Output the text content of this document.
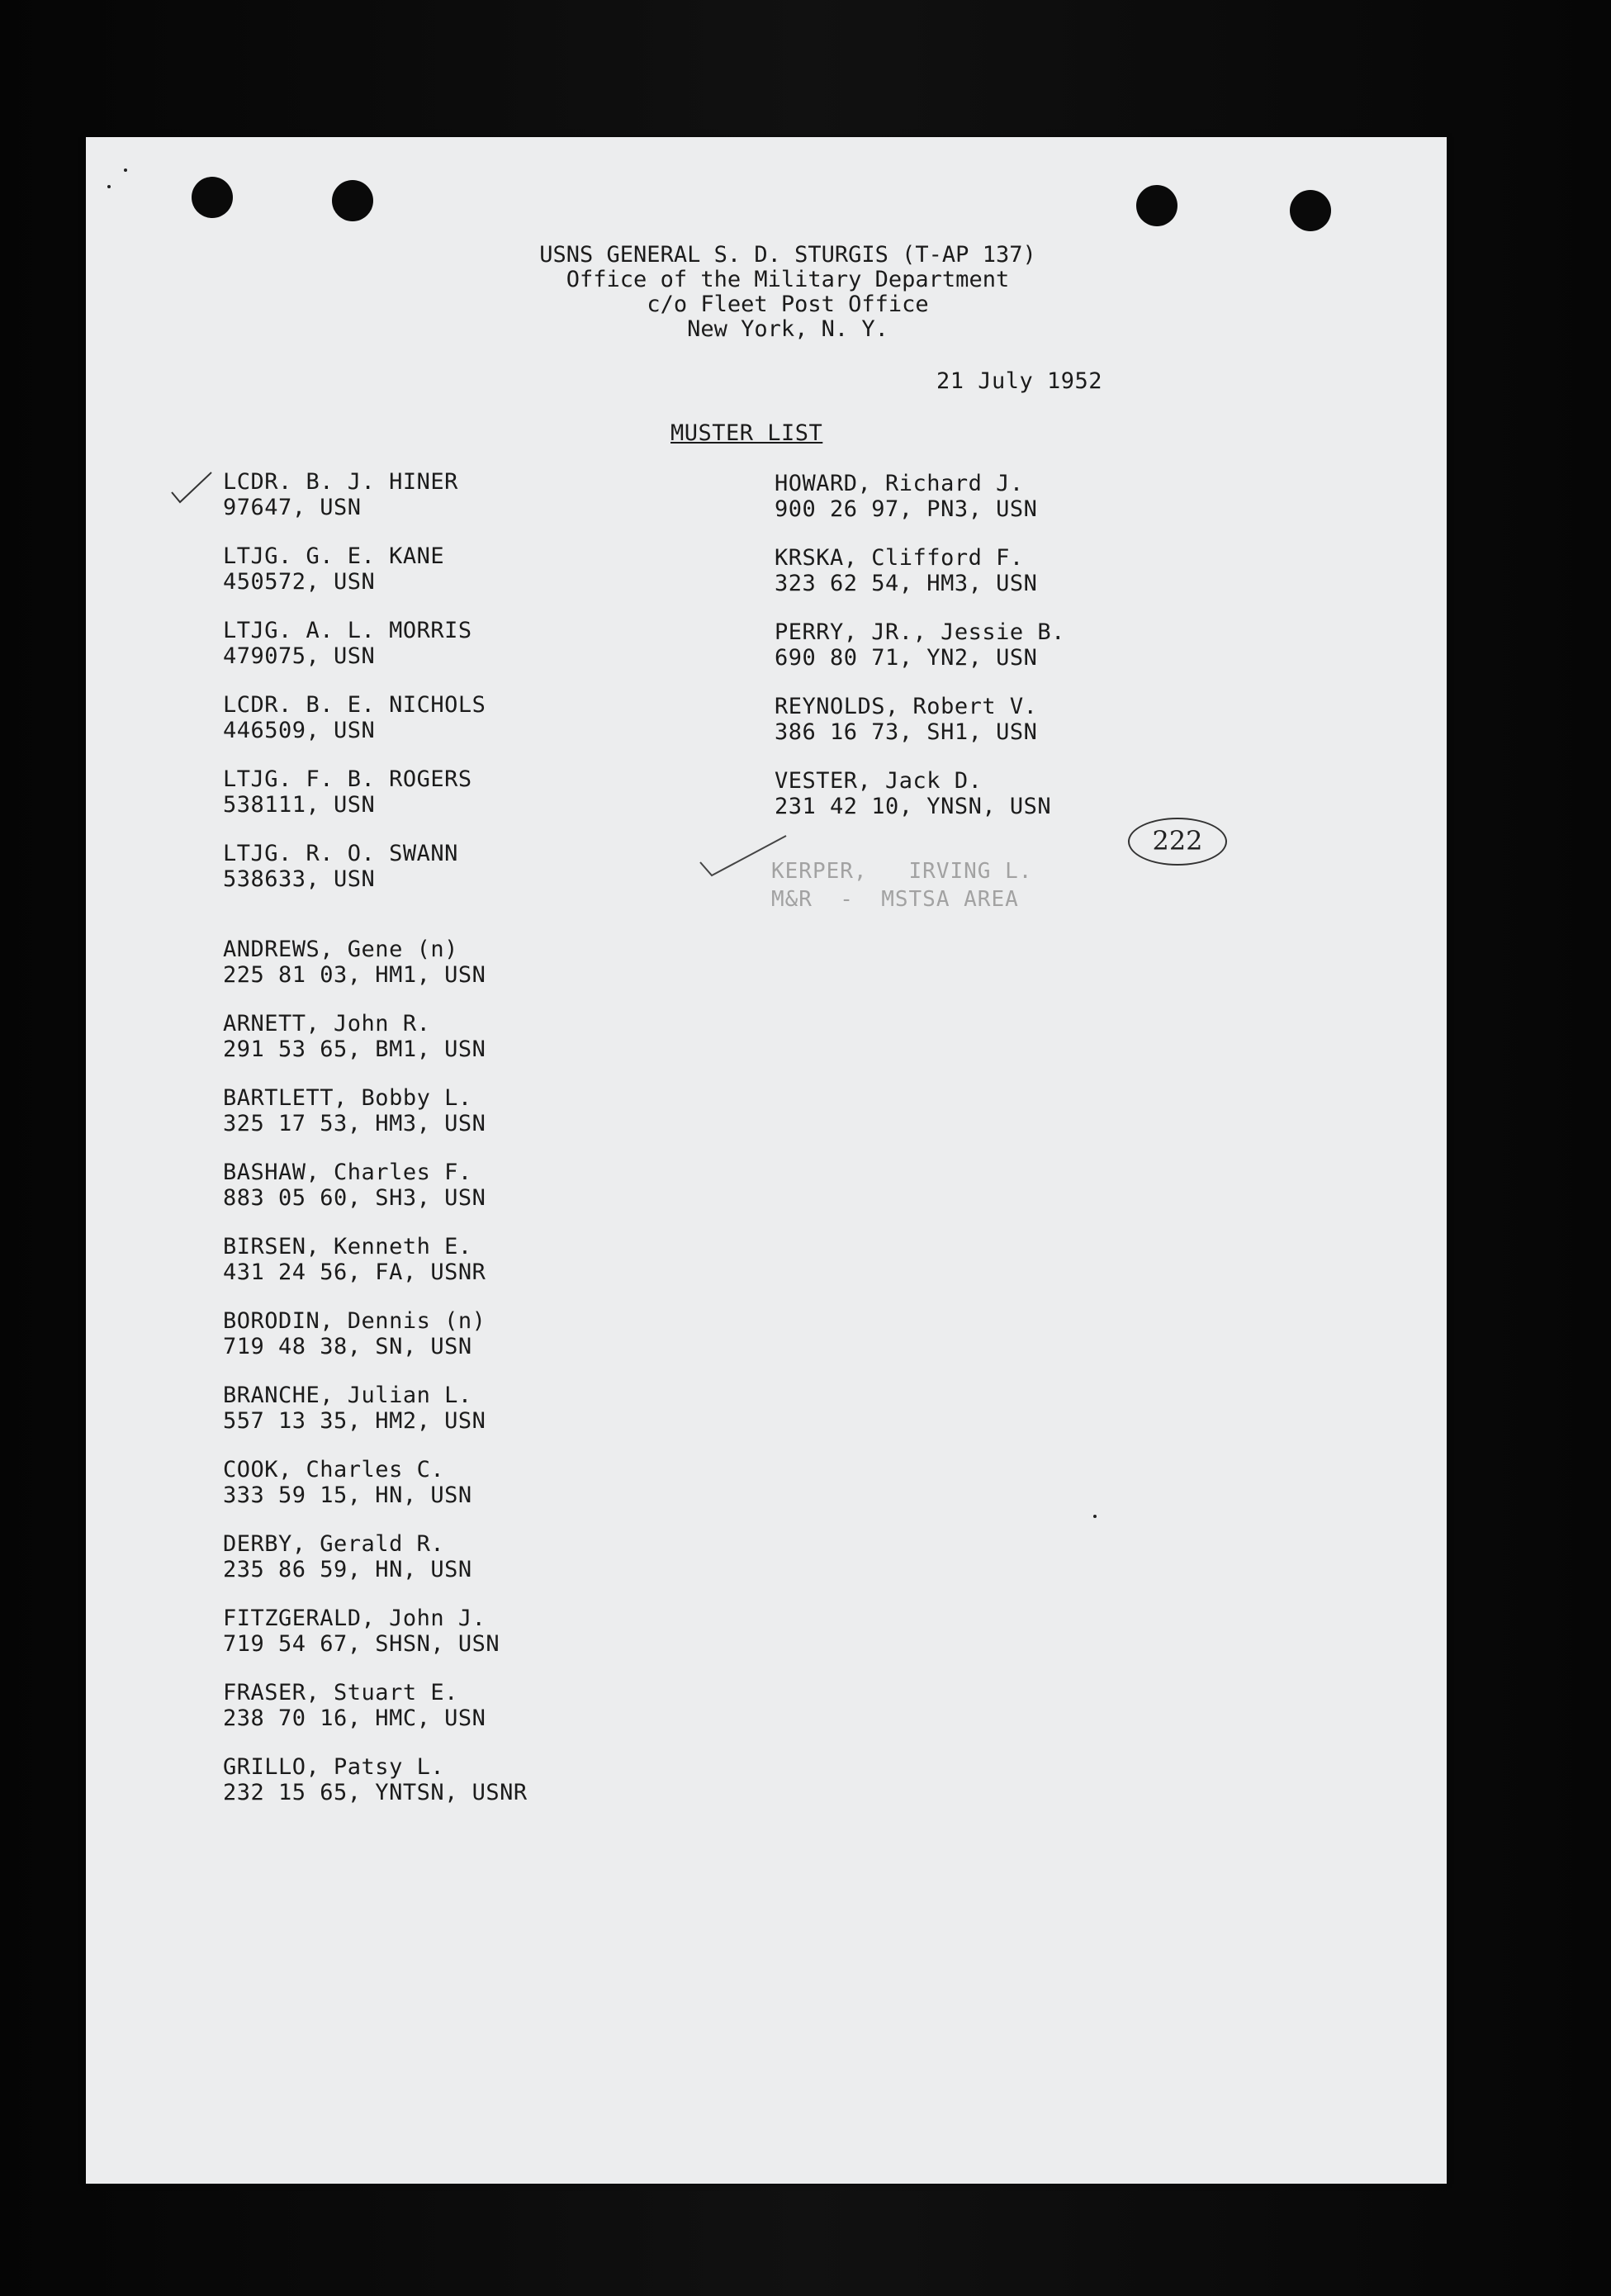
USNS GENERAL S. D. STURGIS (T-AP 137)
Office of the Military Department
c/o Fleet Post Office
New York, N. Y.
21 July 1952
MUSTER LIST
LCDR. B. J. HINER
97647, USN
LTJG. G. E. KANE
450572, USN
LTJG. A. L. MORRIS
479075, USN
LCDR. B. E. NICHOLS
446509, USN
LTJG. F. B. ROGERS
538111, USN
LTJG. R. O. SWANN
538633, USN
ANDREWS, Gene (n)
225 81 03, HM1, USN
ARNETT, John R.
291 53 65, BM1, USN
BARTLETT, Bobby L.
325 17 53, HM3, USN
BASHAW, Charles F.
883 05 60, SH3, USN
BIRSEN, Kenneth E.
431 24 56, FA, USNR
BORODIN, Dennis (n)
719 48 38, SN, USN
BRANCHE, Julian L.
557 13 35, HM2, USN
COOK, Charles C.
333 59 15, HN, USN
DERBY, Gerald R.
235 86 59, HN, USN
FITZGERALD, John J.
719 54 67, SHSN, USN
FRASER, Stuart E.
238 70 16, HMC, USN
GRILLO, Patsy L.
232 15 65, YNTSN, USNR
HOWARD, Richard J.
900 26 97, PN3, USN
KRSKA, Clifford F.
323 62 54, HM3, USN
PERRY, JR., Jessie B.
690 80 71, YN2, USN
REYNOLDS, Robert V.
386 16 73, SH1, USN
VESTER, Jack D.
231 42 10, YNSN, USN
KERPER,   IRVING L.
M&R  -  MSTSA AREA
222
